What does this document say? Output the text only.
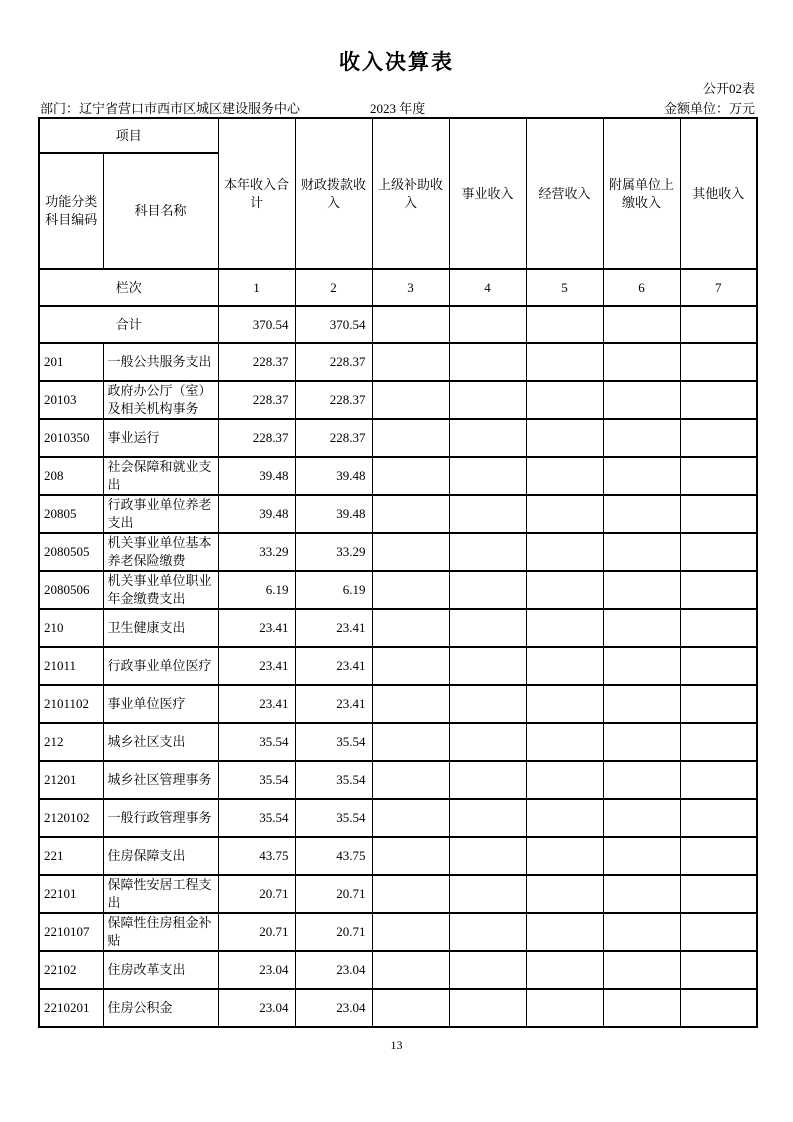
收入决算表
公开02表
部门：辽宁省营口市西市区城区建设服务中心	2023 年度	金额单位：万元
项目		本年收入合计	财政拨款收入	上级补助收入	事业收入	经营收入	附属单位上缴收入	其他收入
功能分类科目编码	科目名称							
栏次		1	2	3	4	5	6	7
合计		370.54	370.54					
201	一般公共服务支出	228.37	228.37					
20103	政府办公厅（室）及相关机构事务	228.37	228.37					
2010350	事业运行	228.37	228.37					
208	社会保障和就业支出	39.48	39.48					
20805	行政事业单位养老支出	39.48	39.48					
2080505	机关事业单位基本养老保险缴费	33.29	33.29					
2080506	机关事业单位职业年金缴费支出	6.19	6.19					
210	卫生健康支出	23.41	23.41					
21011	行政事业单位医疗	23.41	23.41					
2101102	事业单位医疗	23.41	23.41					
212	城乡社区支出	35.54	35.54					
21201	城乡社区管理事务	35.54	35.54					
2120102	一般行政管理事务	35.54	35.54					
221	住房保障支出	43.75	43.75					
22101	保障性安居工程支出	20.71	20.71					
2210107	保障性住房租金补贴	20.71	20.71					
22102	住房改革支出	23.04	23.04					
2210201	住房公积金	23.04	23.04					
13
